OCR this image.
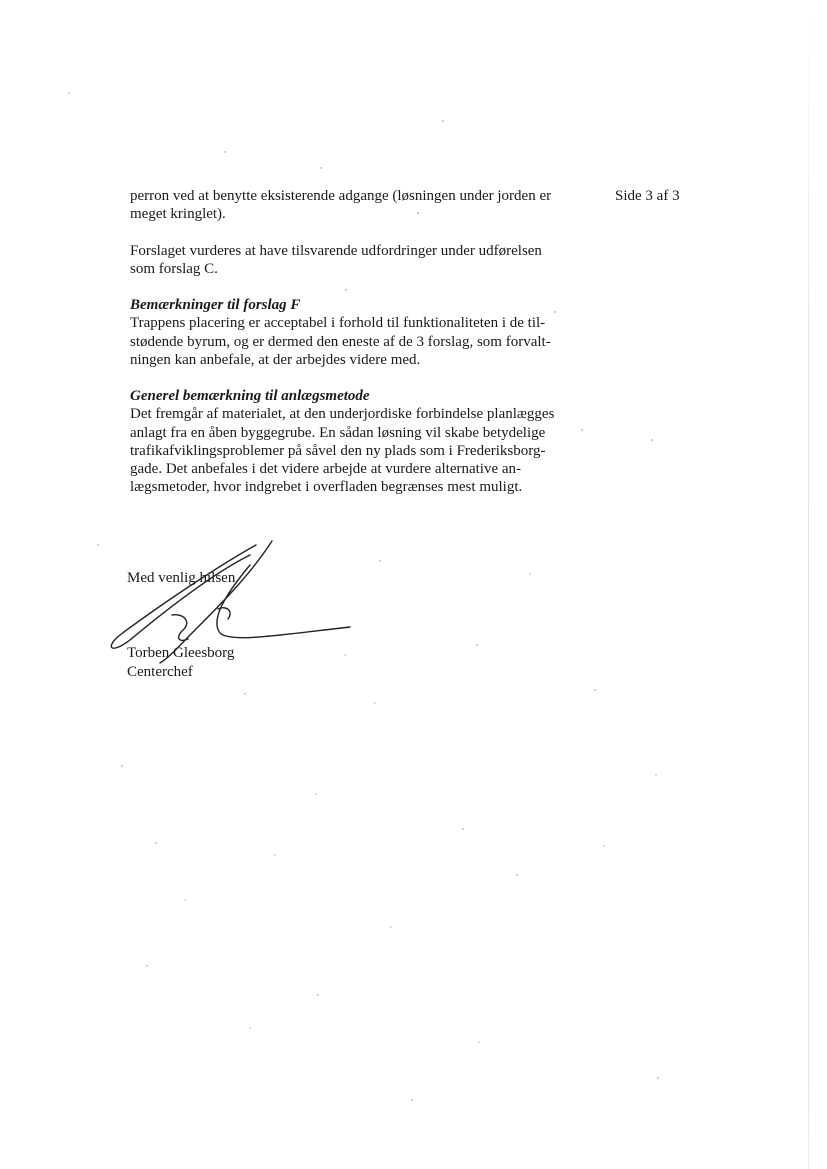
Side 3 af 3
perron ved at benytte eksisterende adgange (løsningen under jorden er
meget kringlet).
Forslaget vurderes at have tilsvarende udfordringer under udførelsen
som forslag C.
Bemærkninger til forslag F
Trappens placering er acceptabel i forhold til funktionaliteten i de til-
stødende byrum, og er dermed den eneste af de 3 forslag, som forvalt-
ningen kan anbefale, at der arbejdes videre med.
Generel bemærkning til anlægsmetode
Det fremgår af materialet, at den underjordiske forbindelse planlægges
anlagt fra en åben byggegrube. En sådan løsning vil skabe betydelige
trafikafviklingsproblemer på såvel den ny plads som i Frederiksborg-
gade. Det anbefales i det videre arbejde at vurdere alternative an-
lægsmetoder, hvor indgrebet i overfladen begrænses mest muligt.
Med venlig hilsen
Torben Gleesborg
Centerchef
